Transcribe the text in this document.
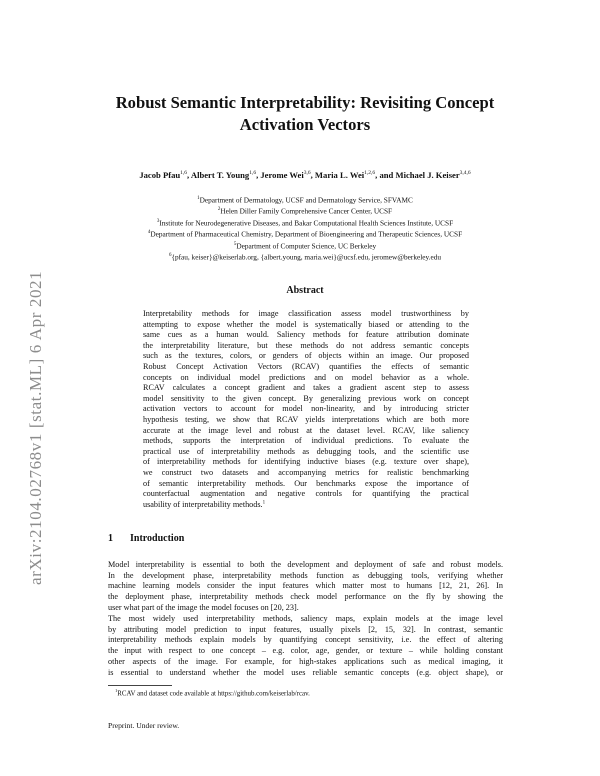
arXiv:2104.02768v1 [stat.ML] 6 Apr 2021
Robust Semantic Interpretability: Revisiting Concept
Activation Vectors
Jacob Pfau$^{1,6}$, Albert T. Young$^{1,6}$, Jerome Wei$^{3,6}$, Maria L. Wei$^{1,2,6}$, and Michael J. Keiser$^{3,4,6}$
$^1$Department of Dermatology, UCSF and Dermatology Service, SFVAMC
$^2$Helen Diller Family Comprehensive Cancer Center, UCSF
$^3$Institute for Neurodegenerative Diseases, and Bakar Computational Health Sciences Institute, UCSF
$^4$Department of Pharmaceutical Chemistry, Department of Bioengineering and Therapeutic Sciences, UCSF
$^5$Department of Computer Science, UC Berkeley
$^6${pfau, keiser}@keiserlab.org, {albert.young, maria.wei}@ucsf.edu, jeromew@berkeley.edu
Abstract
Interpretability methods for image classification assess model trustworthiness by
attempting to expose whether the model is systematically biased or attending to the
same cues as a human would. Saliency methods for feature attribution dominate
the interpretability literature, but these methods do not address semantic concepts
such as the textures, colors, or genders of objects within an image. Our proposed
Robust Concept Activation Vectors (RCAV) quantifies the effects of semantic
concepts on individual model predictions and on model behavior as a whole.
RCAV calculates a concept gradient and takes a gradient ascent step to assess
model sensitivity to the given concept. By generalizing previous work on concept
activation vectors to account for model non-linearity, and by introducing stricter
hypothesis testing, we show that RCAV yields interpretations which are both more
accurate at the image level and robust at the dataset level. RCAV, like saliency
methods, supports the interpretation of individual predictions. To evaluate the
practical use of interpretability methods as debugging tools, and the scientific use
of interpretability methods for identifying inductive biases (e.g. texture over shape),
we construct two datasets and accompanying metrics for realistic benchmarking
of semantic interpretability methods. Our benchmarks expose the importance of
counterfactual augmentation and negative controls for quantifying the practical
usability of interpretability methods.$^1$
1 Introduction
Model interpretability is essential to both the development and deployment of safe and robust models.
In the development phase, interpretability methods function as debugging tools, verifying whether
machine learning models consider the input features which matter most to humans [12, 21, 26]. In
the deployment phase, interpretability methods check model performance on the fly by showing the
user what part of the image the model focuses on [20, 23].
The most widely used interpretability methods, saliency maps, explain models at the image level
by attributing model prediction to input features, usually pixels [2, 15, 32]. In contrast, semantic
interpretability methods explain models by quantifying concept sensitivity, i.e. the effect of altering
the input with respect to one concept – e.g. color, age, gender, or texture – while holding constant
other aspects of the image. For example, for high-stakes applications such as medical imaging, it
is essential to understand whether the model uses reliable semantic concepts (e.g. object shape), or
$^1$RCAV and dataset code available at https://github.com/keiserlab/rcav.
Preprint. Under review.
